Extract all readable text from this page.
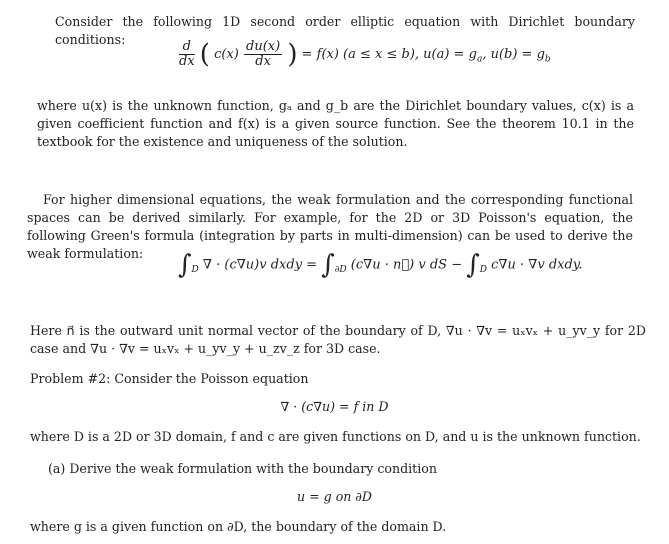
Consider the following 1D second order elliptic equation with Dirichlet boundary conditions:

$\frac{d}{dx}$ ( $c(x) \frac{du(x)}{dx}$ ) = f(x) (a ≤ x ≤ b), $u(a) = g_a$, $u(b) = g_b$

where u(x) is the unknown function, gₐ and g_b are the Dirichlet boundary values, c(x) is a given coefficient function and f(x) is a given source function. See the theorem 10.1 in the textbook for the existence and uniqueness of the solution.

For higher dimensional equations, the weak formulation and the corresponding functional spaces can be derived similarly. For example, for the 2D or 3D Poisson's equation, the following Green's formula (integration by parts in multi-dimension) can be used to derive the weak formulation:	$\int_D$ ∇ · (c∇u)v dxdy = $\int_{\partial D}$ (c∇u · n⃗) v dS − $\int_D$ c∇u · ∇v dxdy.

Here n⃗ is the outward unit normal vector of the boundary of D, ∇u · ∇v = uₓvₓ + u_yv_y for 2D case and ∇u · ∇v = uₓvₓ + u_yv_y + u_zv_z for 3D case.

Problem #2: Consider the Poisson equation

∇ · (c∇u) = f in D

where D is a 2D or 3D domain, f and c are given functions on D, and u is the unknown function.

(a) Derive the weak formulation with the boundary condition

u = g on ∂D

where g is a given function on ∂D, the boundary of the domain D.
